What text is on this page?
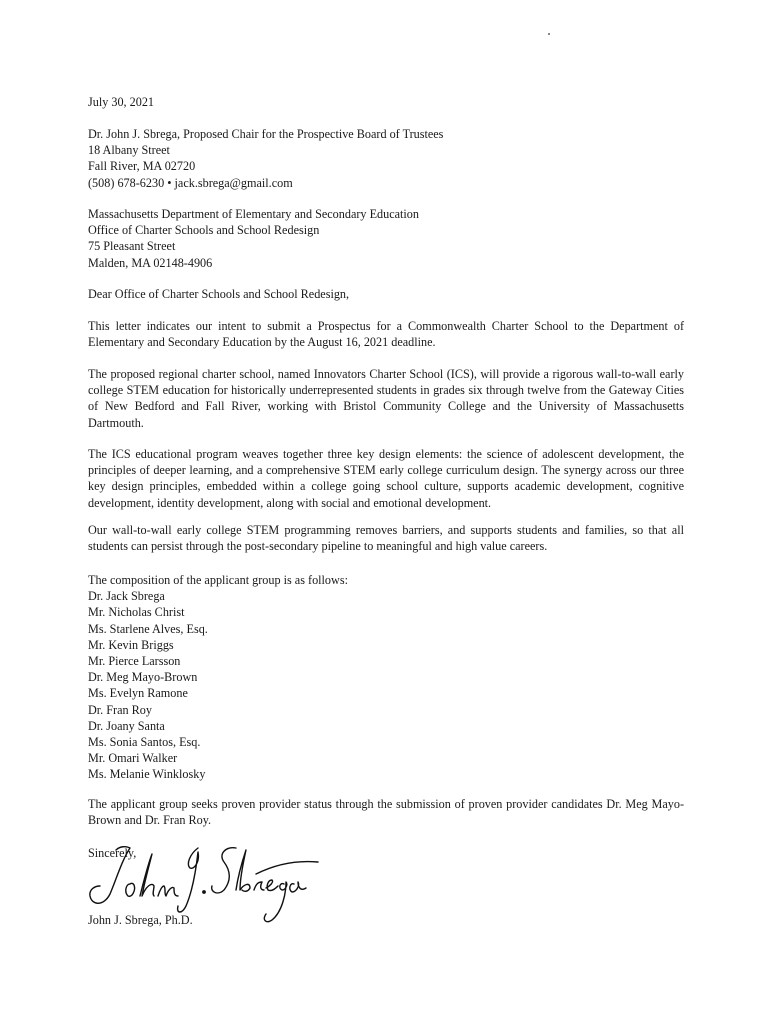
July 30, 2021
Dr. John J. Sbrega, Proposed Chair for the Prospective Board of Trustees
18 Albany Street
Fall River, MA 02720
(508) 678-6230 • jack.sbrega@gmail.com
Massachusetts Department of Elementary and Secondary Education
Office of Charter Schools and School Redesign
75 Pleasant Street
Malden, MA 02148-4906
Dear Office of Charter Schools and School Redesign,
This letter indicates our intent to submit a Prospectus for a Commonwealth Charter School to the Department of Elementary and Secondary Education by the August 16, 2021 deadline.
The proposed regional charter school, named Innovators Charter School (ICS), will provide a rigorous wall-to-wall early college STEM education for historically underrepresented students in grades six through twelve from the Gateway Cities of New Bedford and Fall River, working with Bristol Community College and the University of Massachusetts Dartmouth.
The ICS educational program weaves together three key design elements: the science of adolescent development, the principles of deeper learning, and a comprehensive STEM early college curriculum design. The synergy across our three key design principles, embedded within a college going school culture, supports academic development, cognitive development, identity development, along with social and emotional development.
Our wall-to-wall early college STEM programming removes barriers, and supports students and families, so that all students can persist through the post-secondary pipeline to meaningful and high value careers.
The composition of the applicant group is as follows:
Dr. Jack Sbrega
Mr. Nicholas Christ
Ms. Starlene Alves, Esq.
Mr. Kevin Briggs
Mr. Pierce Larsson
Dr. Meg Mayo-Brown
Ms. Evelyn Ramone
Dr. Fran Roy
Dr. Joany Santa
Ms. Sonia Santos, Esq.
Mr. Omari Walker
Ms. Melanie Winklosky
The applicant group seeks proven provider status through the submission of proven provider candidates Dr. Meg Mayo-Brown and Dr. Fran Roy.
Sincerely,
John J. Sbrega, Ph.D.
